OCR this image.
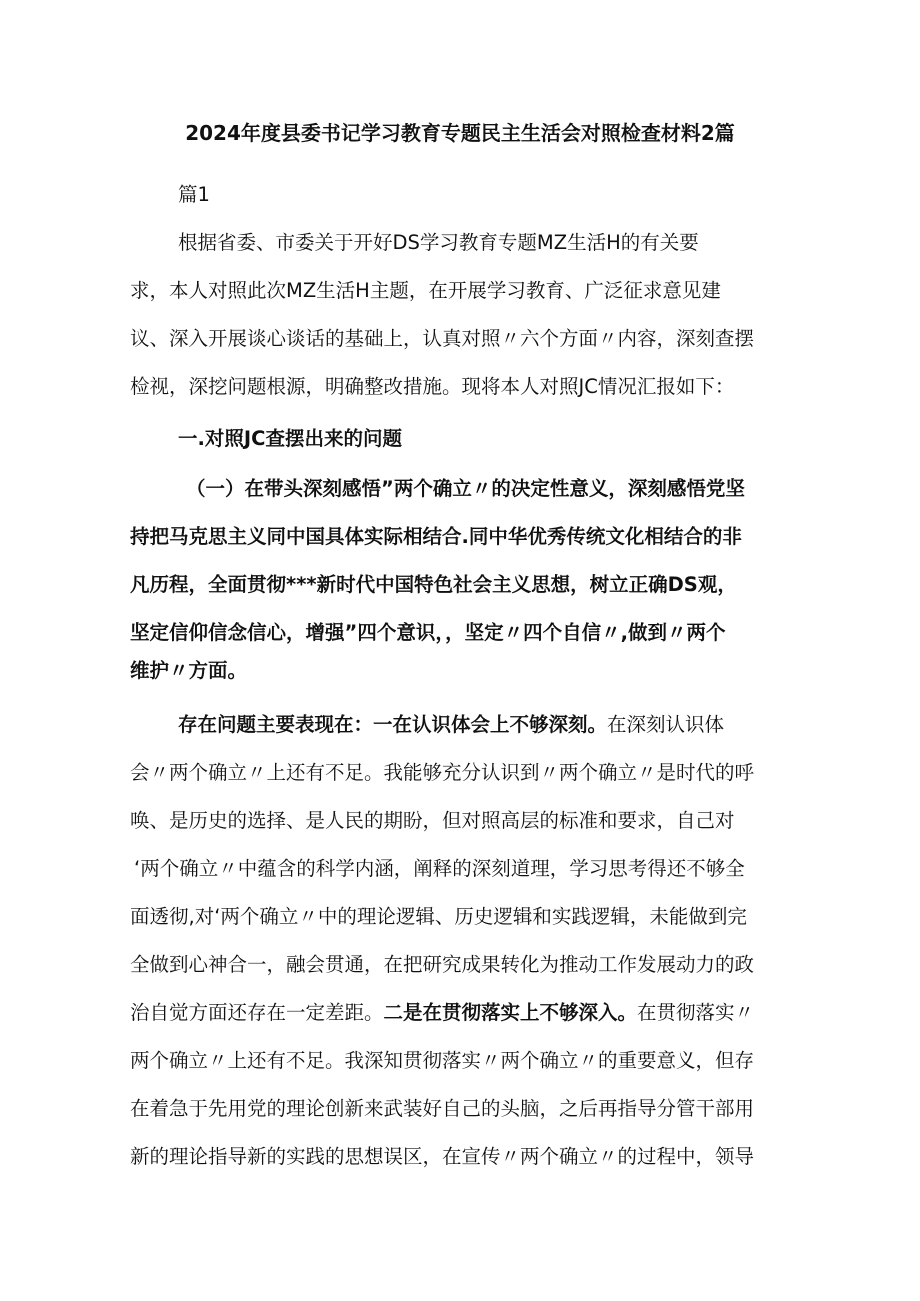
2024年度县委书记学习教育专题民主生活会对照检查材料2篇
篇1
根据省委、市委关于开好DS学习教育专题MZ生活H的有关要
求，本人对照此次MZ生活H主题，在开展学习教育、广泛征求意见建
议、深入开展谈心谈话的基础上，认真对照〃六个方面〃内容，深刻查摆
检视，深挖问题根源，明确整改措施。现将本人对照JC情况汇报如下：
一.对照JC查摆出来的问题
（一）在带头深刻感悟”两个确立〃的决定性意义，深刻感悟党坚
持把马克思主义同中国具体实际相结合.同中华优秀传统文化相结合的非
凡历程，全面贯彻***新时代中国特色社会主义思想，树立正确DS观，
坚定信仰信念信心，增强”四个意识，，坚定〃四个自信〃,做到〃两个
维护〃方面。
存在问题主要表现在：一在认识体会上不够深刻。在深刻认识体
会〃两个确立〃上还有不足。我能够充分认识到〃两个确立〃是时代的呼
唤、是历史的选择、是人民的期盼，但对照高层的标准和要求，自己对
‘两个确立〃中蕴含的科学内涵，阐释的深刻道理，学习思考得还不够全
面透彻,对‘两个确立〃中的理论逻辑、历史逻辑和实践逻辑，未能做到完
全做到心神合一，融会贯通，在把研究成果转化为推动工作发展动力的政
治自觉方面还存在一定差距。二是在贯彻落实上不够深入。在贯彻落实〃
两个确立〃上还有不足。我深知贯彻落实〃两个确立〃的重要意义，但存
在着急于先用党的理论创新来武装好自己的头脑，之后再指导分管干部用
新的理论指导新的实践的思想误区，在宣传〃两个确立〃的过程中，领导
